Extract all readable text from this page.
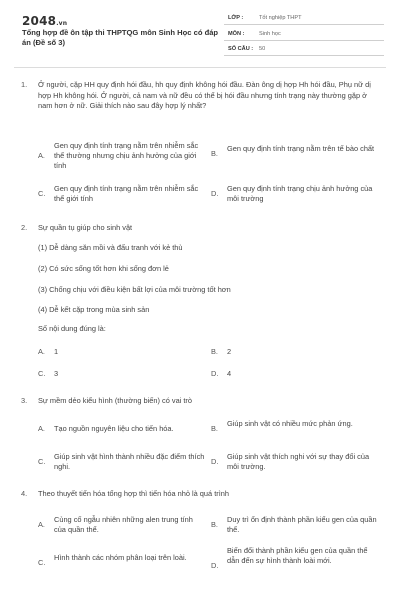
2048.vn
Tổng hợp đề ôn tập thi THPTQG môn Sinh Học có đáp án (Đề số 3)
LỚP :	Tốt nghiệp THPT
MÔN :	Sinh học
SỐ CÂU : 50
1. Ở người, cặp HH quy định hói đầu, hh quy định không hói đầu. Đàn ông dị hợp Hh hói đầu, Phụ nữ dị hợp Hh không hói. Ở người, cả nam và nữ đều có thể bị hói đầu nhưng tính trạng này thường gặp ở nam hơn ở nữ. Giải thích nào sau đây hợp lý nhất?
A.
Gen quy định tính trạng nằm trên nhiễm sắc thể thường nhưng chịu ảnh hưởng của giới tính
B.
Gen quy định tính trạng nằm trên tế bào chất
C.
Gen quy định tính trạng nằm trên nhiễm sắc thể giới tính
D.
Gen quy định tính trạng chịu ảnh hưởng của môi trường
2. Sự quần tụ giúp cho sinh vật
(1) Dễ dàng săn mồi và đấu tranh với kẻ thù
(2) Có sức sống tốt hơn khi sống đơn lẻ
(3) Chống chịu với điều kiện bất lợi của môi trường tốt hơn
(4) Dễ kết cặp trong mùa sinh sản
Số nội dung đúng là:
A. 1	B. 2
C. 3	D. 4
3. Sự mềm dẻo kiểu hình (thường biến) có vai trò
A. Tạo nguồn nguyên liệu cho tiến hóa.	B.
Giúp sinh vật có nhiều mức phản ứng.
C.
Giúp sinh vật hình thành nhiều đặc điểm thích nghi.
D.
Giúp sinh vật thích nghi với sự thay đổi của môi trường.
4. Theo thuyết tiến hóa tổng hợp thì tiến hóa nhỏ là quá trình
A.
Củng cố ngẫu nhiên những alen trung tính của quần thể.
B.
Duy trì ổn định thành phần kiểu gen của quần thể.
C.
Hình thành các nhóm phân loại trên loài.
D.
Biến đổi thành phần kiểu gen của quần thể dẫn đến sự hình thành loài mới.
